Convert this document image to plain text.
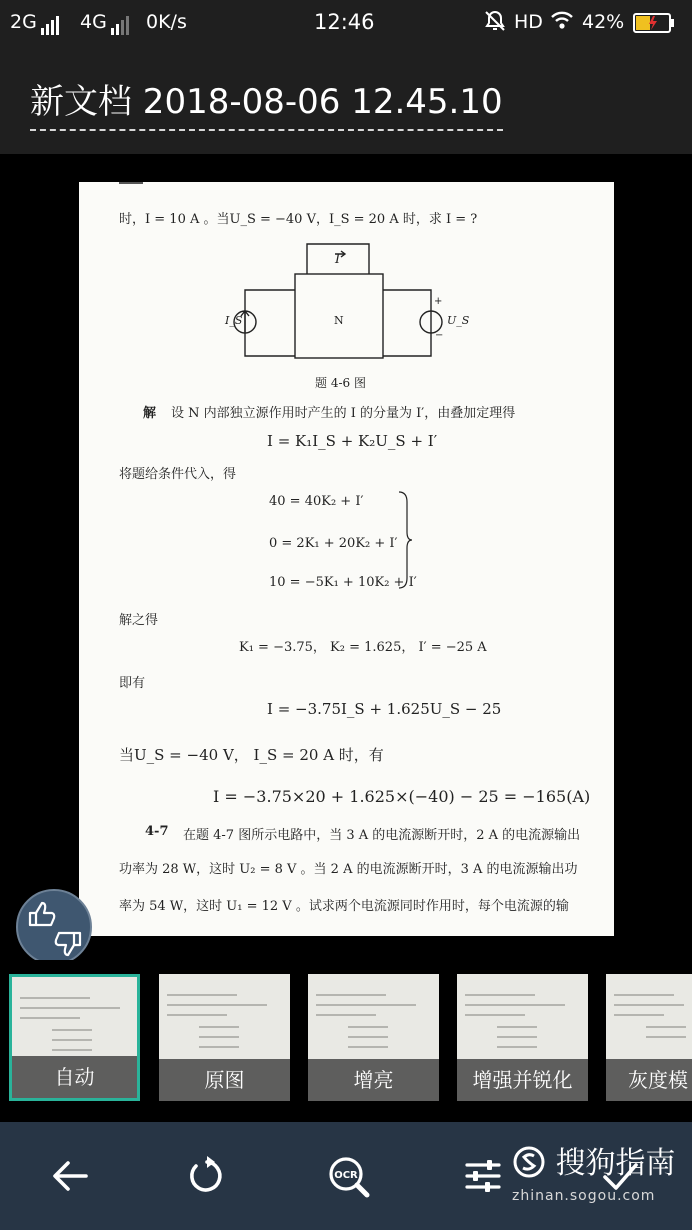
2G	4G	0K/s	12:46	HD 42%
新文档 2018-08-06 12.45.10
时，I = 10 A 。当U_S = −40 V，I_S = 20 A 时，求 I = ?
I
I_S	N	U_S
+
−
题 4-6 图
解 设 N 内部独立源作用时产生的 I 的分量为 I′，由叠加定理得
I = K₁I_S + K₂U_S + I′
将题给条件代入，得
40 = 40K₂ + I′
0 = 2K₁ + 20K₂ + I′
10 = −5K₁ + 10K₂ + I′
解之得
K₁ = −3.75， K₂ = 1.625， I′ = −25 A
即有
I = −3.75I_S + 1.625U_S − 25
当U_S = −40 V， I_S = 20 A 时，有
I = −3.75×20 + 1.625×(−40) − 25 = −165(A)
4-7 在题 4-7 图所示电路中，当 3 A 的电流源断开时，2 A 的电流源输出
功率为 28 W，这时 U₂ = 8 V 。当 2 A 的电流源断开时，3 A 的电流源输出功
率为 54 W，这时 U₁ = 12 V 。试求两个电流源同时作用时，每个电流源的输
自动	原图	增亮	增强并锐化	灰度模
OCR	搜狗指南
zhinan.sogou.com
